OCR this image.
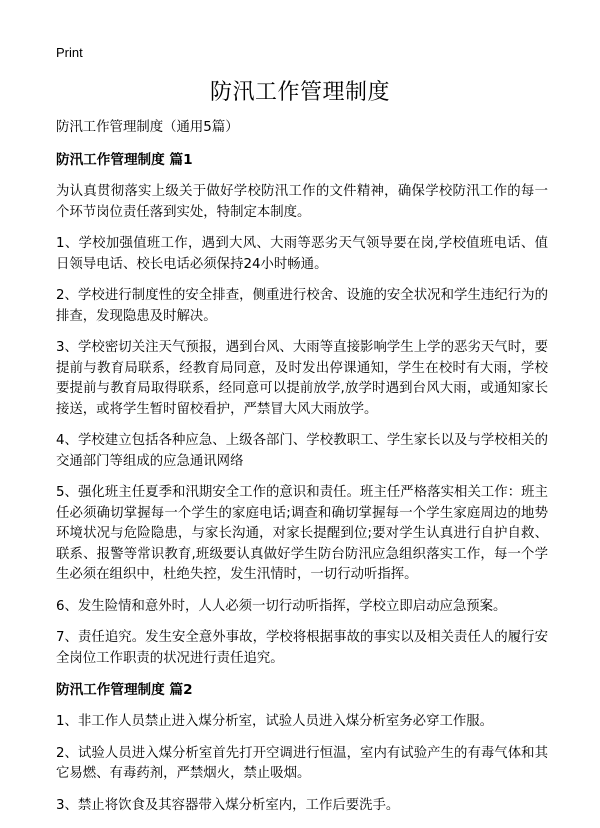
Print
防汛工作管理制度

防汛工作管理制度（通用5篇）

防汛工作管理制度 篇1

为认真贯彻落实上级关于做好学校防汛工作的文件精神，确保学校防汛工作的每一个环节岗位责任落到实处，特制定本制度。

1、学校加强值班工作，遇到大风、大雨等恶劣天气领导要在岗,学校值班电话、值日领导电话、校长电话必须保持24小时畅通。

2、学校进行制度性的安全排查，侧重进行校舍、设施的安全状况和学生违纪行为的排查，发现隐患及时解决。

3、学校密切关注天气预报，遇到台风、大雨等直接影响学生上学的恶劣天气时，要提前与教育局联系，经教育局同意，及时发出停课通知，学生在校时有大雨，学校要提前与教育局取得联系，经同意可以提前放学,放学时遇到台风大雨，或通知家长接送，或将学生暂时留校看护，严禁冒大风大雨放学。

4、学校建立包括各种应急、上级各部门、学校教职工、学生家长以及与学校相关的交通部门等组成的应急通讯网络

5、强化班主任夏季和汛期安全工作的意识和责任。班主任严格落实相关工作：班主任必须确切掌握每一个学生的家庭电话;调查和确切掌握每一个学生家庭周边的地势环境状况与危险隐患，与家长沟通，对家长提醒到位;要对学生认真进行自护自救、联系、报警等常识教育,班级要认真做好学生防台防汛应急组织落实工作，每一个学生必须在组织中，杜绝失控，发生汛情时，一切行动听指挥。

6、发生险情和意外时，人人必须一切行动听指挥，学校立即启动应急预案。

7、责任追究。发生安全意外事故，学校将根据事故的事实以及相关责任人的履行安全岗位工作职责的状况进行责任追究。

防汛工作管理制度 篇2

1、非工作人员禁止进入煤分析室，试验人员进入煤分析室务必穿工作服。

2、试验人员进入煤分析室首先打开空调进行恒温，室内有试验产生的有毒气体和其它易燃、有毒药剂，严禁烟火，禁止吸烟。

3、禁止将饮食及其容器带入煤分析室内，工作后要洗手。
